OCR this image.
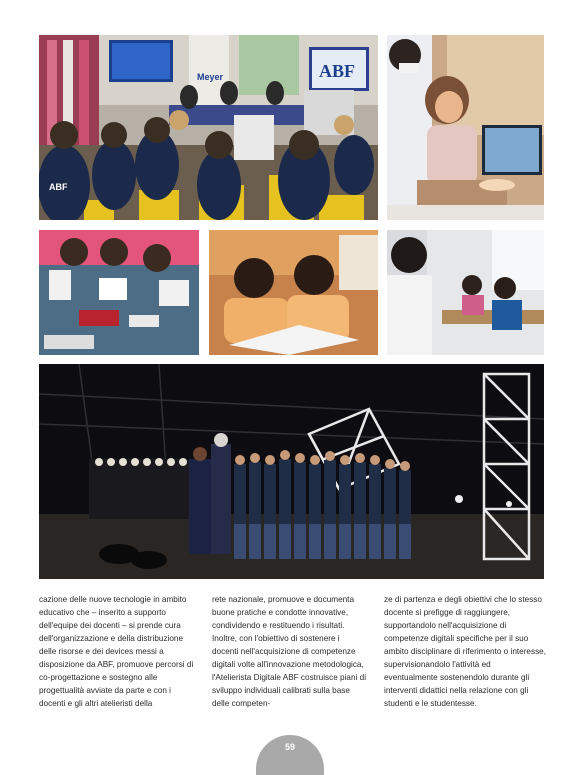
Meyer	ABF
ABF

cazione delle nuove tecnologie in ambito educativo che – inserito a supporto dell'equipe dei docenti – si prende cura dell'organizzazione e della distribuzione delle risorse e dei devices messi a disposizione da ABF, promuove percorsi di co-progettazione e sostegno alle progettualità avviate da parte e con i docenti e gli altri atelieristi della

rete nazionale, promuove e documenta buone pratiche e condotte innovative, condividendo e restituendo i risultati. Inoltre, con l'obiettivo di sostenere i docenti nell'acquisizione di competenze digitali volte all'innovazione metodologica, l'Atelierista Digitale ABF costruisce piani di sviluppo individuali calibrati sulla base delle competen-

ze di partenza e degli obiettivi che lo stesso docente si prefigge di raggiungere, supportandolo nell'acquisizione di competenze digitali specifiche per il suo ambito disciplinare di riferimento o interesse, supervisionandolo l'attività ed eventualmente sostenendolo durante gli interventi didattici nella relazione con gli studenti e le studentesse.

59
